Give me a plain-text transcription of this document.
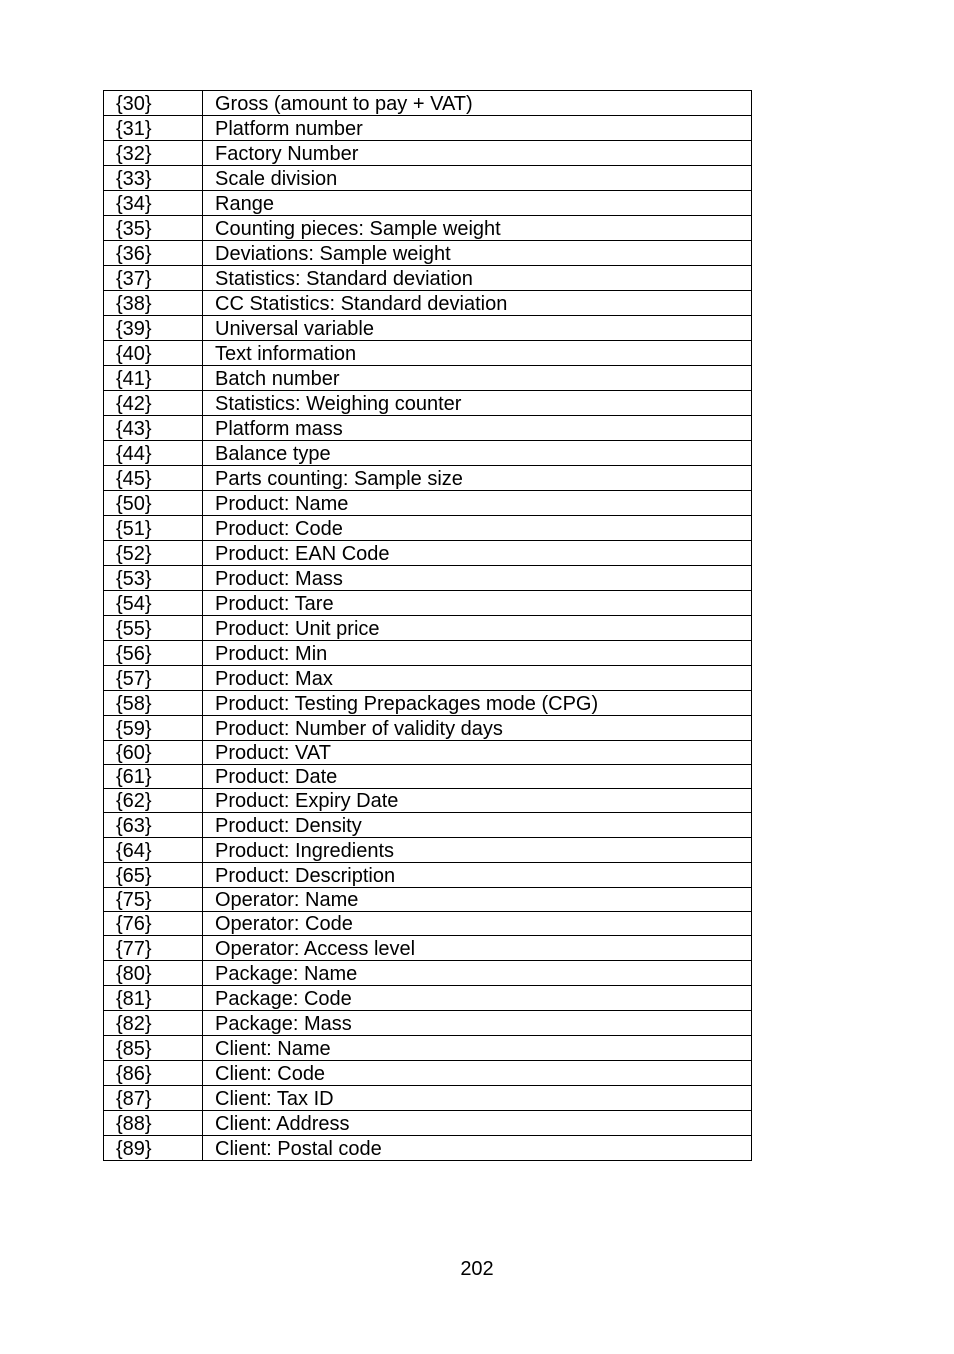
{30}	Gross (amount to pay + VAT)
{31}	Platform number
{32}	Factory Number
{33}	Scale division
{34}	Range
{35}	Counting pieces: Sample weight
{36}	Deviations: Sample weight
{37}	Statistics: Standard deviation
{38}	CC Statistics: Standard deviation
{39}	Universal variable
{40}	Text information
{41}	Batch number
{42}	Statistics: Weighing counter
{43}	Platform mass
{44}	Balance type
{45}	Parts counting: Sample size
{50}	Product: Name
{51}	Product: Code
{52}	Product: EAN Code
{53}	Product: Mass
{54}	Product: Tare
{55}	Product: Unit price
{56}	Product: Min
{57}	Product: Max
{58}	Product: Testing Prepackages mode (CPG)
{59}	Product: Number of validity days
{60}	Product: VAT
{61}	Product: Date
{62}	Product: Expiry Date
{63}	Product: Density
{64}	Product: Ingredients
{65}	Product: Description
{75}	Operator: Name
{76}	Operator: Code
{77}	Operator: Access level
{80}	Package: Name
{81}	Package: Code
{82}	Package: Mass
{85}	Client: Name
{86}	Client: Code
{87}	Client: Tax ID
{88}	Client: Address
{89}	Client: Postal code
202
